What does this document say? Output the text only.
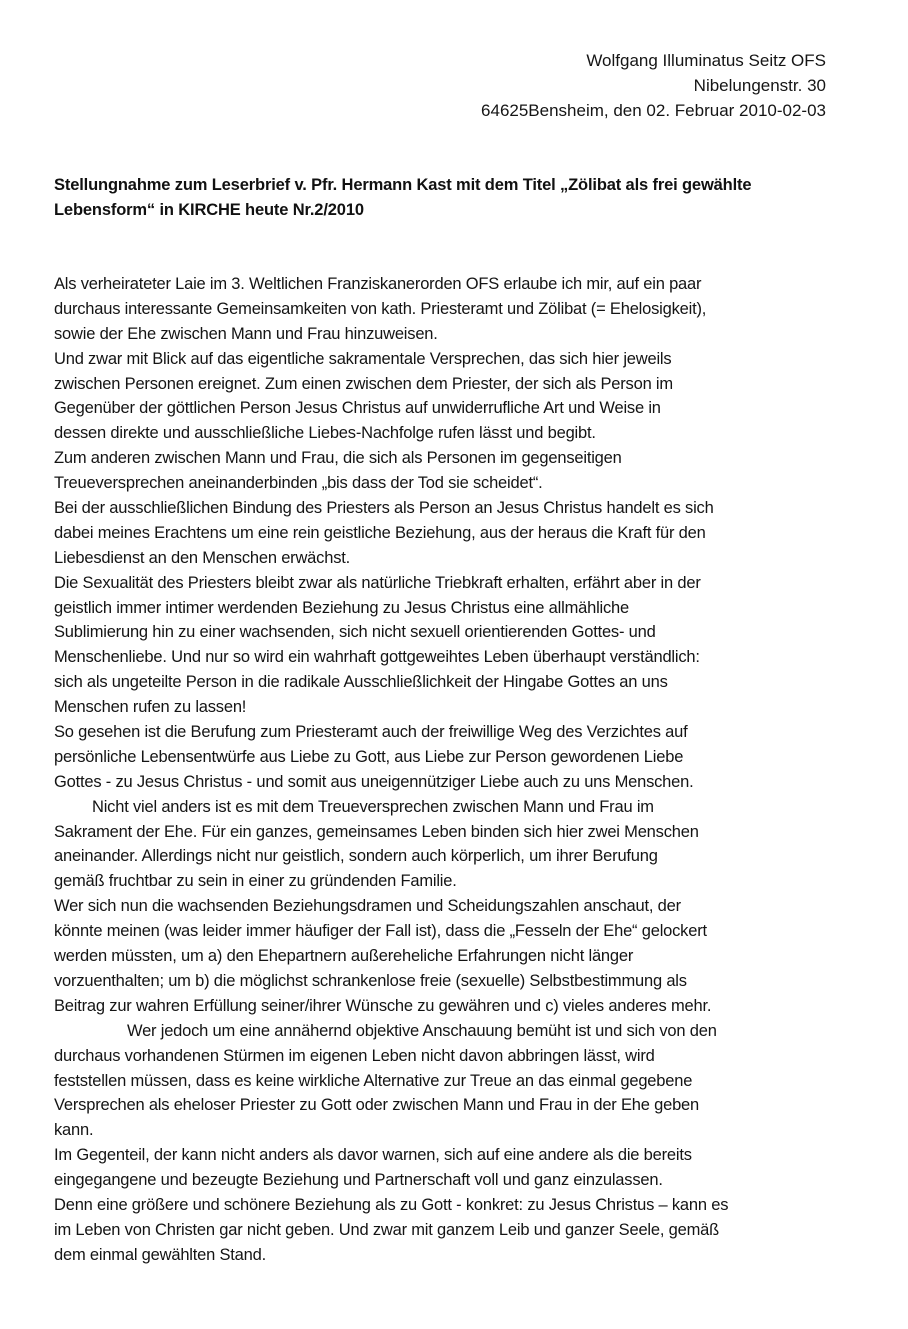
Wolfgang Illuminatus Seitz OFS
Nibelungenstr. 30
64625Bensheim, den 02. Februar 2010-02-03
Stellungnahme zum Leserbrief v. Pfr. Hermann Kast mit dem Titel „Zölibat als frei gewählte
Lebensform“ in KIRCHE heute Nr.2/2010
Als verheirateter Laie im 3. Weltlichen Franziskanerorden OFS erlaube ich mir, auf ein paar
durchaus interessante Gemeinsamkeiten von kath. Priesteramt und Zölibat (= Ehelosigkeit),
sowie der Ehe zwischen Mann und Frau hinzuweisen.
Und zwar mit Blick auf das eigentliche sakramentale Versprechen, das sich hier jeweils
zwischen Personen ereignet. Zum einen zwischen dem Priester, der sich als Person im
Gegenüber der göttlichen Person Jesus Christus auf unwiderrufliche Art und Weise in
dessen direkte und ausschließliche Liebes-Nachfolge rufen lässt und begibt.
Zum anderen zwischen Mann und Frau, die sich als Personen im gegenseitigen
Treueversprechen aneinanderbinden „bis dass der Tod sie scheidet“.
Bei der ausschließlichen Bindung des Priesters als Person an Jesus Christus handelt es sich
dabei meines Erachtens um eine rein geistliche Beziehung, aus der heraus die Kraft für den
Liebesdienst an den Menschen erwächst.
Die Sexualität des Priesters bleibt zwar als natürliche Triebkraft erhalten, erfährt aber in der
geistlich immer intimer werdenden Beziehung zu Jesus Christus eine allmähliche
Sublimierung hin zu einer wachsenden, sich nicht sexuell orientierenden Gottes- und
Menschenliebe. Und nur so wird ein wahrhaft gottgeweihtes Leben überhaupt verständlich:
sich als ungeteilte Person in die radikale Ausschließlichkeit der Hingabe Gottes an uns
Menschen rufen zu lassen!
So gesehen ist die Berufung zum Priesteramt auch der freiwillige Weg des Verzichtes auf
persönliche Lebensentwürfe aus Liebe zu Gott, aus Liebe zur Person gewordenen Liebe
Gottes - zu Jesus Christus - und somit aus uneigennütziger Liebe auch zu uns Menschen.
Nicht viel anders ist es mit dem Treueversprechen zwischen Mann und Frau im
Sakrament der Ehe. Für ein ganzes, gemeinsames Leben binden sich hier zwei Menschen
aneinander. Allerdings nicht nur geistlich, sondern auch körperlich, um ihrer Berufung
gemäß fruchtbar zu sein in einer zu gründenden Familie.
Wer sich nun die wachsenden Beziehungsdramen und Scheidungszahlen anschaut, der
könnte meinen (was leider immer häufiger der Fall ist), dass die „Fesseln der Ehe“ gelockert
werden müssten, um a) den Ehepartnern außereheliche Erfahrungen nicht länger
vorzuenthalten; um b) die möglichst schrankenlose freie (sexuelle) Selbstbestimmung als
Beitrag zur wahren Erfüllung seiner/ihrer Wünsche zu gewähren und c) vieles anderes mehr.
Wer jedoch um eine annähernd objektive Anschauung bemüht ist und sich von den
durchaus vorhandenen Stürmen im eigenen Leben nicht davon abbringen lässt, wird
feststellen müssen, dass es keine wirkliche Alternative zur Treue an das einmal gegebene
Versprechen als eheloser Priester zu Gott oder zwischen Mann und Frau in der Ehe geben
kann.
Im Gegenteil, der kann nicht anders als davor warnen, sich auf eine andere als die bereits
eingegangene und bezeugte Beziehung und Partnerschaft voll und ganz einzulassen.
Denn eine größere und schönere Beziehung als zu Gott - konkret: zu Jesus Christus – kann es
im Leben von Christen gar nicht geben. Und zwar mit ganzem Leib und ganzer Seele, gemäß
dem einmal gewählten Stand.
